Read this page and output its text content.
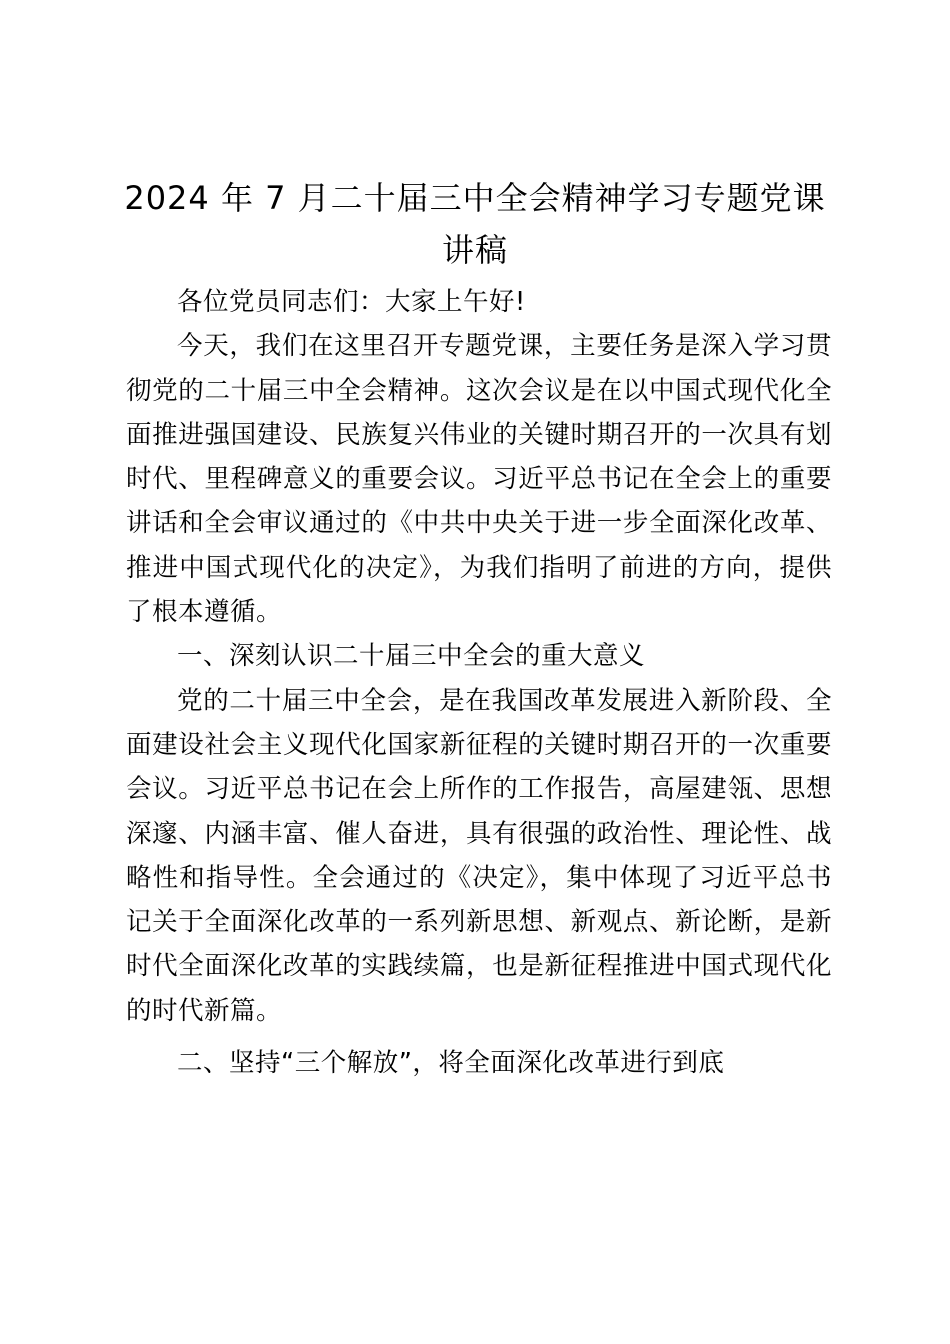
2024 年 7 月二十届三中全会精神学习专题党课讲稿

各位党员同志们：大家上午好!

今天，我们在这里召开专题党课，主要任务是深入学习贯彻党的二十届三中全会精神。这次会议是在以中国式现代化全面推进强国建设、民族复兴伟业的关键时期召开的一次具有划时代、里程碑意义的重要会议。习近平总书记在全会上的重要讲话和全会审议通过的《中共中央关于进一步全面深化改革、推进中国式现代化的决定》，为我们指明了前进的方向，提供了根本遵循。

一、深刻认识二十届三中全会的重大意义

党的二十届三中全会，是在我国改革发展进入新阶段、全面建设社会主义现代化国家新征程的关键时期召开的一次重要会议。习近平总书记在会上所作的工作报告，高屋建瓴、思想深邃、内涵丰富、催人奋进，具有很强的政治性、理论性、战略性和指导性。全会通过的《决定》，集中体现了习近平总书记关于全面深化改革的一系列新思想、新观点、新论断，是新时代全面深化改革的实践续篇，也是新征程推进中国式现代化的时代新篇。

二、坚持“三个解放”，将全面深化改革进行到底
